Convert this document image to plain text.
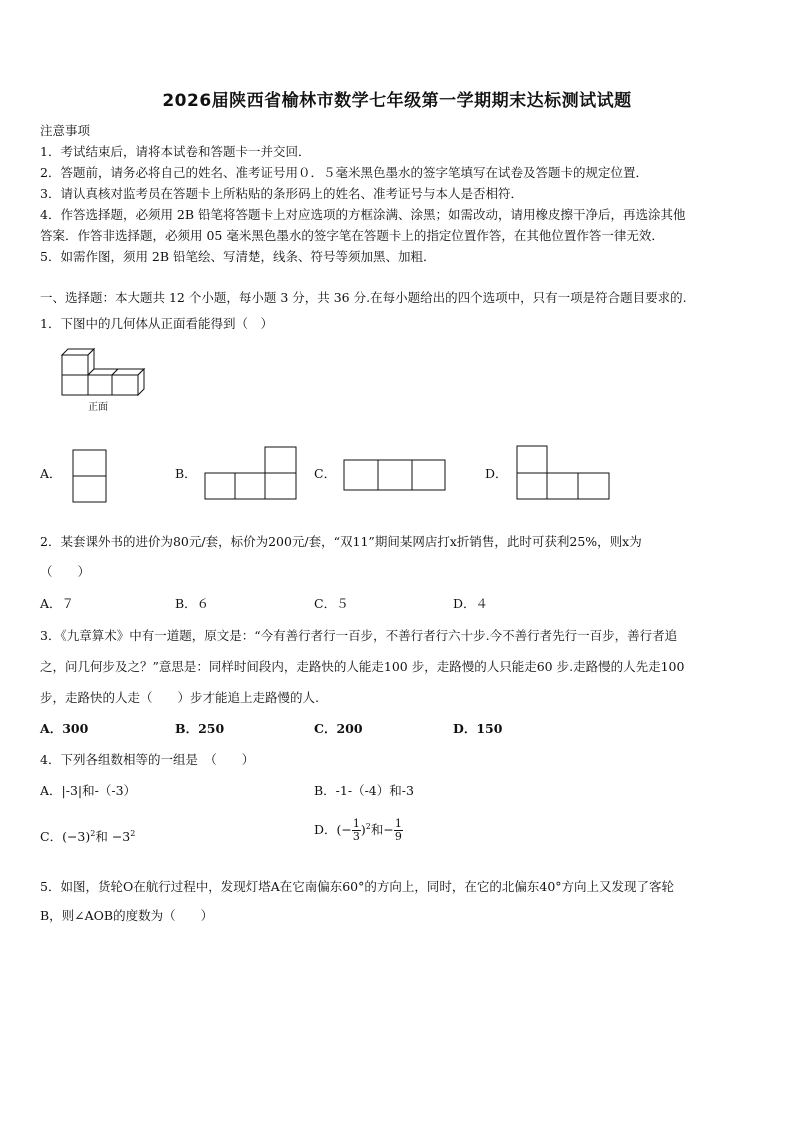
2026届陕西省榆林市数学七年级第一学期期末达标测试试题
注意事项
1．考试结束后，请将本试卷和答题卡一并交回．
2．答题前，请务必将自己的姓名、准考证号用０．５毫米黑色墨水的签字笔填写在试卷及答题卡的规定位置．
3．请认真核对监考员在答题卡上所粘贴的条形码上的姓名、准考证号与本人是否相符．
4．作答选择题，必须用 2B 铅笔将答题卡上对应选项的方框涂满、涂黑；如需改动，请用橡皮擦干净后，再选涂其他
答案．作答非选择题，必须用 05 毫米黑色墨水的签字笔在答题卡上的指定位置作答，在其他位置作答一律无效．
5．如需作图，须用 2B 铅笔绘、写清楚，线条、符号等须加黑、加粗．
一、选择题：本大题共 12 个小题，每小题 3 分，共 36 分.在每小题给出的四个选项中，只有一项是符合题目要求的.
1．下图中的几何体从正面看能得到（　）
正面
A．	B．	C．	D．
2．某套课外书的进价为80元/套，标价为200元/套，“双11”期间某网店打x折销售，此时可获利25%，则x为
（　　）
A．７	B．６	C．５	D．４
3．《九章算术》中有一道题，原文是：“今有善行者行一百步，不善行者行六十步.今不善行者先行一百步，善行者追
之，问几何步及之？”意思是：同样时间段内，走路快的人能走100 步，走路慢的人只能走60 步.走路慢的人先走100
步，走路快的人走（　　）步才能追上走路慢的人.
A．300	B．250	C．200	D．150
4．下列各组数相等的一组是　（　　）
A．|-3|和-（-3）	B．-1-（-4）和-3
C．$(-3)^2$和 $-3^2$	D．(− $\frac{1}{3} )^2$和− $\frac{1}{9}$
5．如图，货轮O在航行过程中，发现灯塔A在它南偏东60°的方向上，同时，在它的北偏东40°方向上又发现了客轮
B，则∠AOB的度数为（　　）
